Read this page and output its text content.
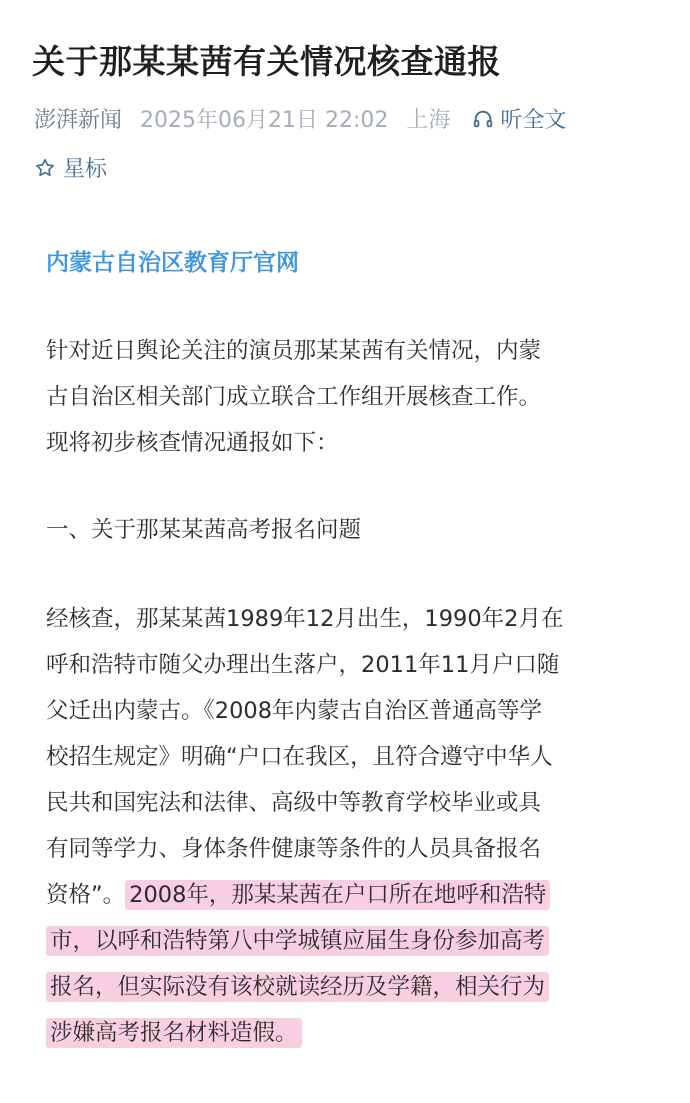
关于那某某茜有关情况核查通报
澎湃新闻 2025年06月21日 22:02 上海 听全文
星标
内蒙古自治区教育厅官网
针对近日舆论关注的演员那某某茜有关情况，内蒙
古自治区相关部门成立联合工作组开展核查工作。
现将初步核查情况通报如下：
一、关于那某某茜高考报名问题
经核查，那某某茜1989年12月出生，1990年2月在
呼和浩特市随父办理出生落户，2011年11月户口随
父迁出内蒙古。《2008年内蒙古自治区普通高等学
校招生规定》明确“户口在我区，且符合遵守中华人
民共和国宪法和法律、高级中等教育学校毕业或具
有同等学力、身体条件健康等条件的人员具备报名
资格”。 2008年，那某某茜在户口所在地呼和浩特
市，以呼和浩特第八中学城镇应届生身份参加高考
报名，但实际没有该校就读经历及学籍，相关行为
涉嫌高考报名材料造假。
